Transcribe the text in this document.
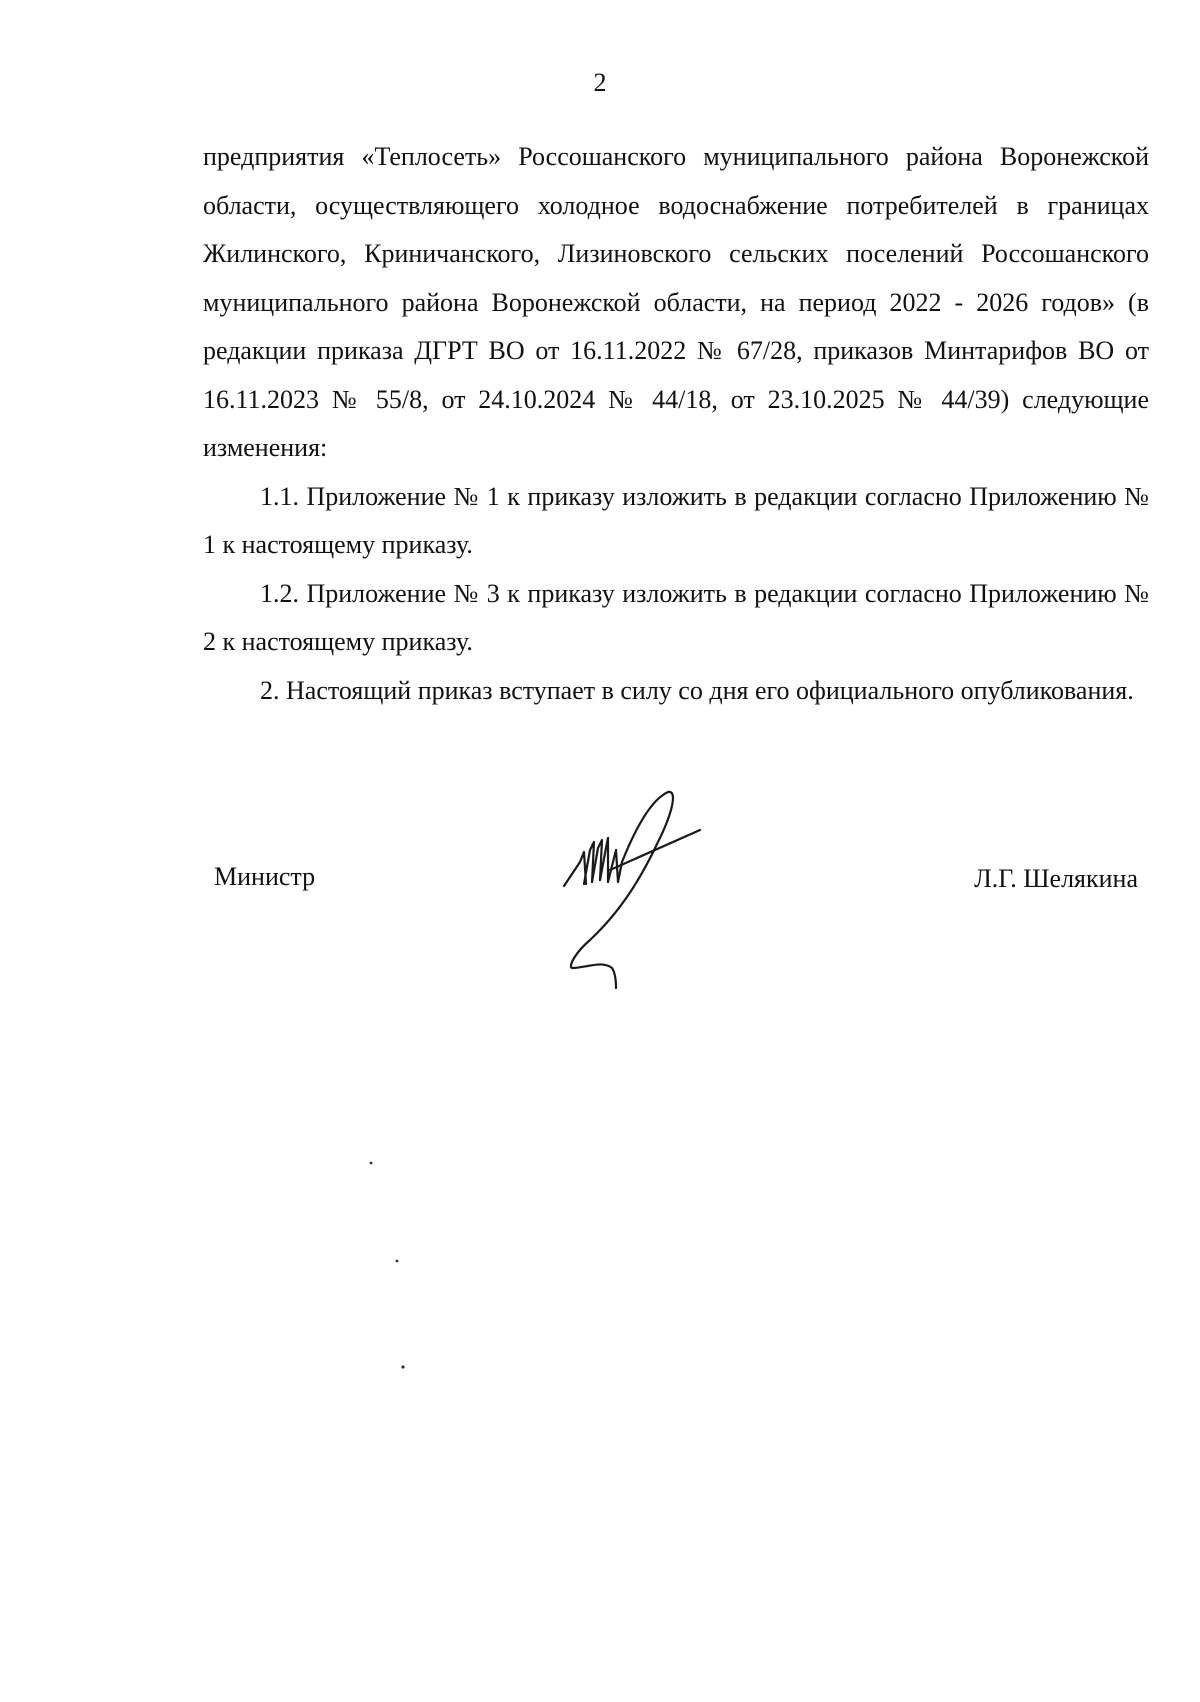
2

предприятия «Теплосеть» Россошанского муниципального района Воронежской области, осуществляющего холодное водоснабжение потребителей в границах Жилинского, Криничанского, Лизиновского сельских поселений Россошанского муниципального района Воронежской области, на период 2022 - 2026 годов» (в редакции приказа ДГРТ ВО от 16.11.2022 № 67/28, приказов Минтарифов ВО от 16.11.2023 № 55/8, от 24.10.2024 № 44/18, от 23.10.2025 № 44/39) следующие изменения:

1.1. Приложение № 1 к приказу изложить в редакции согласно Приложению № 1 к настоящему приказу.

1.2. Приложение № 3 к приказу изложить в редакции согласно Приложению № 2 к настоящему приказу.

2. Настоящий приказ вступает в силу со дня его официального опубликования.

Министр	Л.Г. Шелякина
